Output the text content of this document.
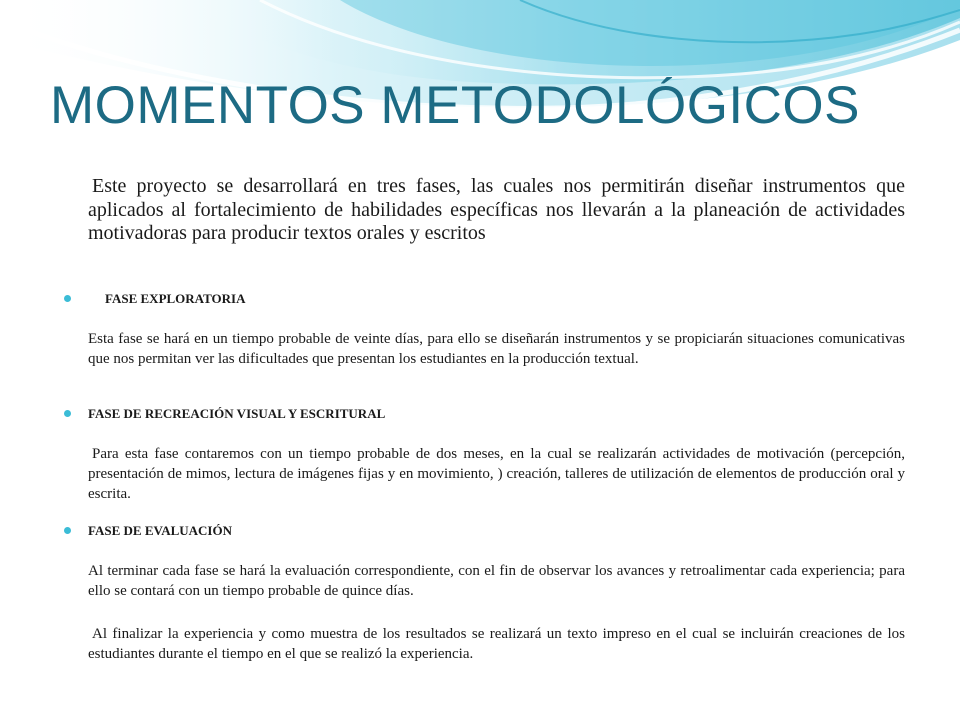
MOMENTOS METODOLÓGICOS

Este proyecto se desarrollará en tres fases, las cuales nos permitirán diseñar instrumentos que aplicados al fortalecimiento de habilidades específicas nos llevarán a la planeación de actividades motivadoras para producir textos orales y escritos

FASE EXPLORATORIA

Esta fase se hará en un tiempo probable de veinte días, para ello se diseñarán instrumentos y se propiciarán situaciones comunicativas que nos permitan ver las dificultades que presentan los estudiantes en la producción textual.

FASE DE RECREACIÓN VISUAL Y ESCRITURAL

Para esta fase contaremos con un tiempo probable de dos meses, en la cual se realizarán actividades de motivación (percepción, presentación de mimos, lectura de imágenes fijas y en movimiento, ) creación, talleres de utilización de elementos de producción oral y escrita.

FASE DE EVALUACIÓN

Al terminar cada fase se hará la evaluación correspondiente, con el fin de observar los avances y retroalimentar cada experiencia; para ello se contará con un tiempo probable de quince días.

Al finalizar la experiencia y como muestra de los resultados se realizará un texto impreso en el cual se incluirán creaciones de los estudiantes durante el tiempo en el que se realizó la experiencia.
